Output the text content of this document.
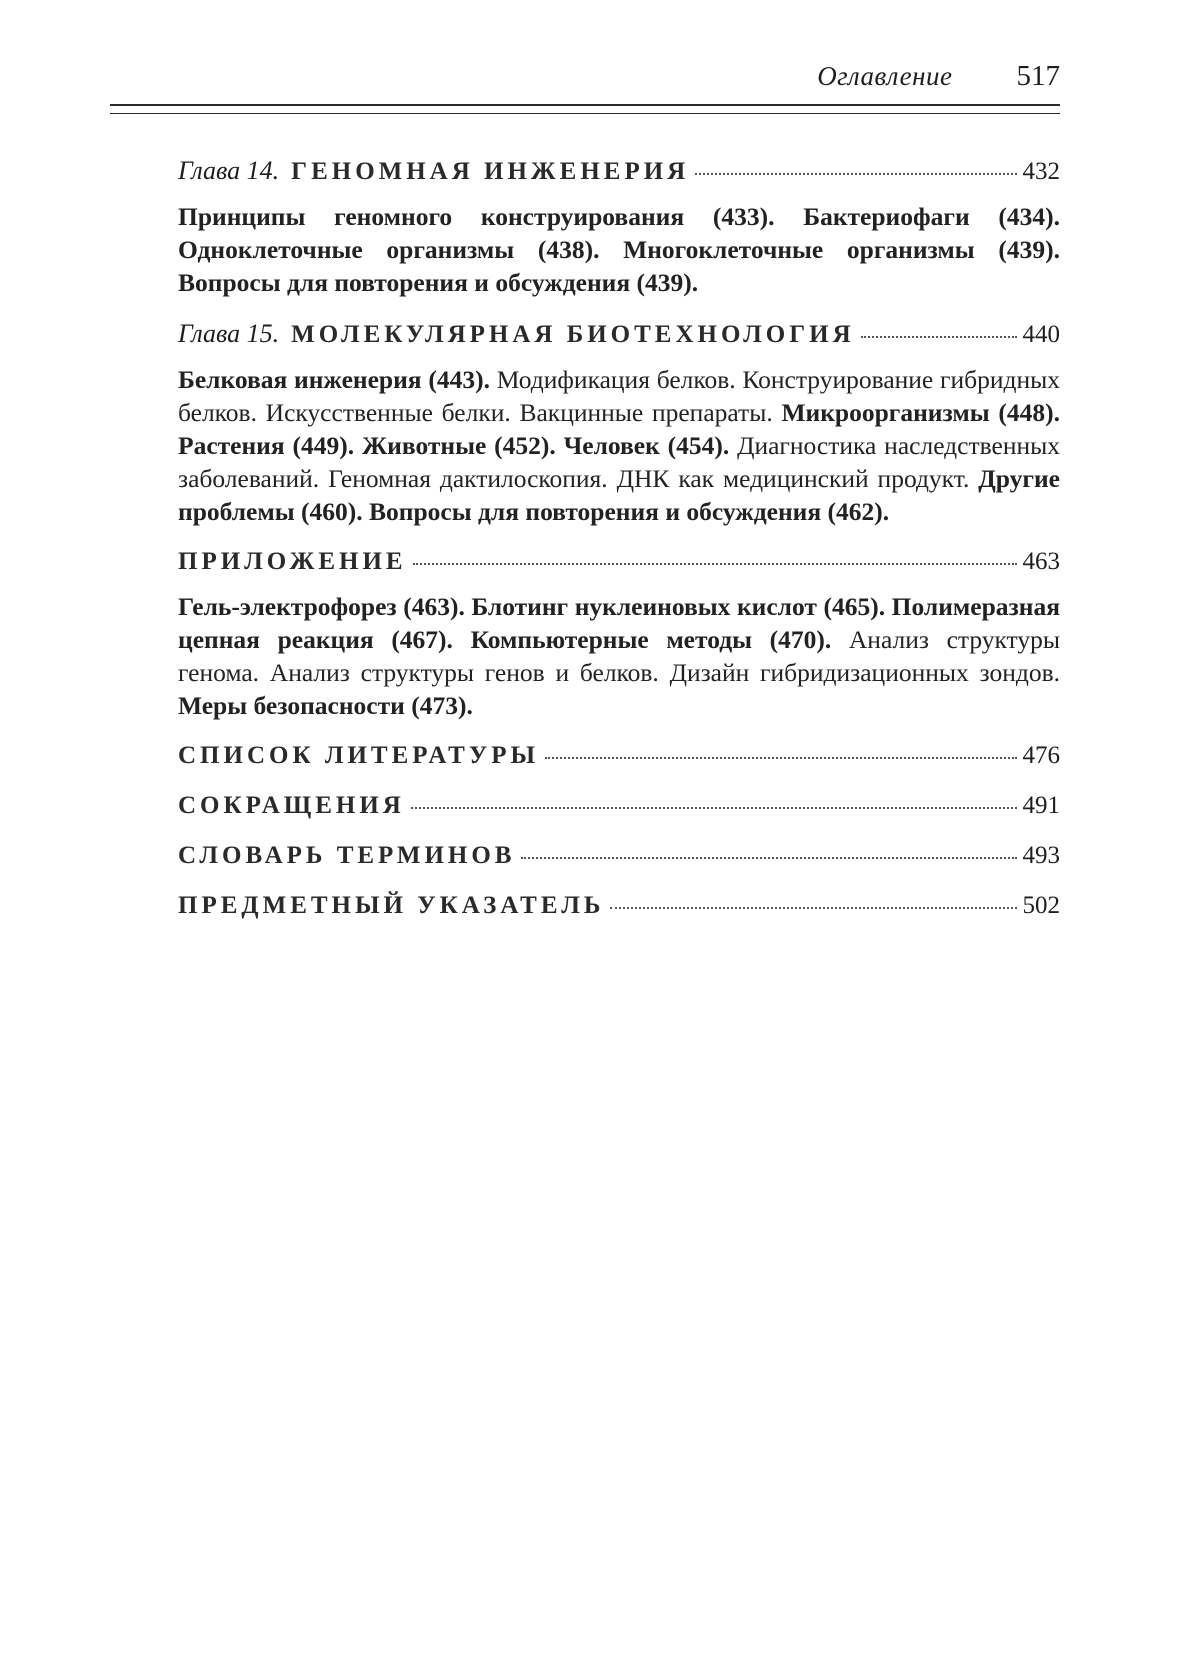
Оглавление 517
Глава 14. ГЕНОМНАЯ ИНЖЕНЕРИЯ	432

Принципы геномного конструирования (433). Бактериофаги (434). Одноклеточные организмы (438). Многоклеточные организмы (439). Вопросы для повторения и обсуждения (439).

Глава 15. МОЛЕКУЛЯРНАЯ БИОТЕХНОЛОГИЯ	440

Белковая инженерия (443). Модификация белков. Конструирование гибридных белков. Искусственные белки. Вакцинные препараты. Микроорганизмы (448). Растения (449). Животные (452). Человек (454). Диагностика наследственных заболеваний. Геномная дактилоскопия. ДНК как медицинский продукт. Другие проблемы (460). Вопросы для повторения и обсуждения (462).

ПРИЛОЖЕНИЕ	463

Гель-электрофорез (463). Блотинг нуклеиновых кислот (465). Полимеразная цепная реакция (467). Компьютерные методы (470). Анализ структуры генома. Анализ структуры генов и белков. Дизайн гибридизационных зондов. Меры безопасности (473).

СПИСОК ЛИТЕРАТУРЫ	476
СОКРАЩЕНИЯ	491
СЛОВАРЬ ТЕРМИНОВ	493
ПРЕДМЕТНЫЙ УКАЗАТЕЛЬ	502
